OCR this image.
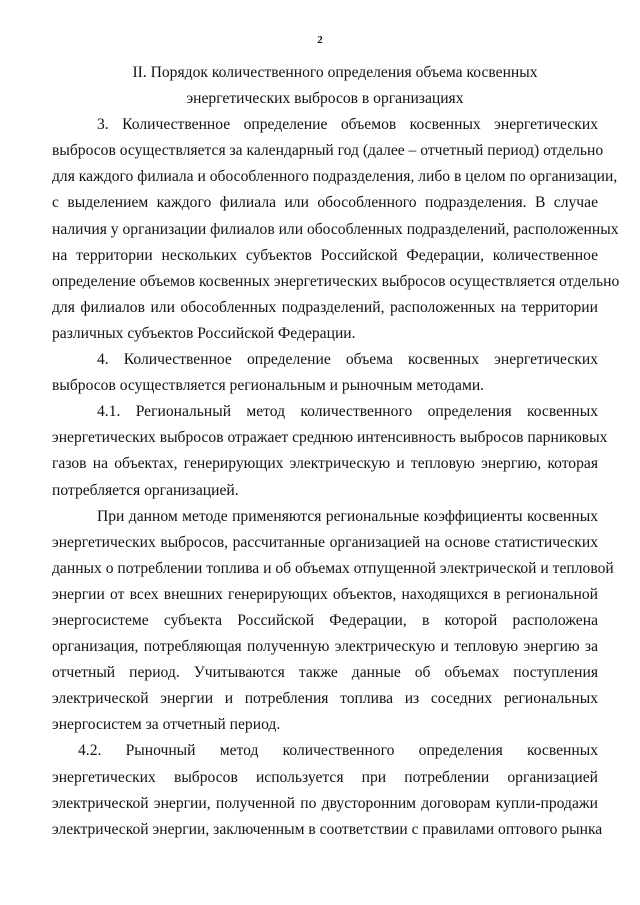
2
II. Порядок количественного определения объема косвенных
энергетических выбросов в организациях
3. Количественное определение объемов косвенных энергетических
выбросов осуществляется за календарный год (далее – отчетный период) отдельно
для каждого филиала и обособленного подразделения, либо в целом по организации,
с выделением каждого филиала или обособленного подразделения. В случае
наличия у организации филиалов или обособленных подразделений, расположенных
на территории нескольких субъектов Российской Федерации, количественное
определение объемов косвенных энергетических выбросов осуществляется отдельно
для филиалов или обособленных подразделений, расположенных на территории
различных субъектов Российской Федерации.
4. Количественное определение объема косвенных энергетических
выбросов осуществляется региональным и рыночным методами.
4.1. Региональный метод количественного определения косвенных
энергетических выбросов отражает среднюю интенсивность выбросов парниковых
газов на объектах, генерирующих электрическую и тепловую энергию, которая
потребляется организацией.
При данном методе применяются региональные коэффициенты косвенных
энергетических выбросов, рассчитанные организацией на основе статистических
данных о потреблении топлива и об объемах отпущенной электрической и тепловой
энергии от всех внешних генерирующих объектов, находящихся в региональной
энергосистеме субъекта Российской Федерации, в которой расположена
организация, потребляющая полученную электрическую и тепловую энергию за
отчетный период. Учитываются также данные об объемах поступления
электрической энергии и потребления топлива из соседних региональных
энергосистем за отчетный период.
4.2. Рыночный метод количественного определения косвенных
энергетических выбросов используется при потреблении организацией
электрической энергии, полученной по двусторонним договорам купли-продажи
электрической энергии, заключенным в соответствии с правилами оптового рынка
